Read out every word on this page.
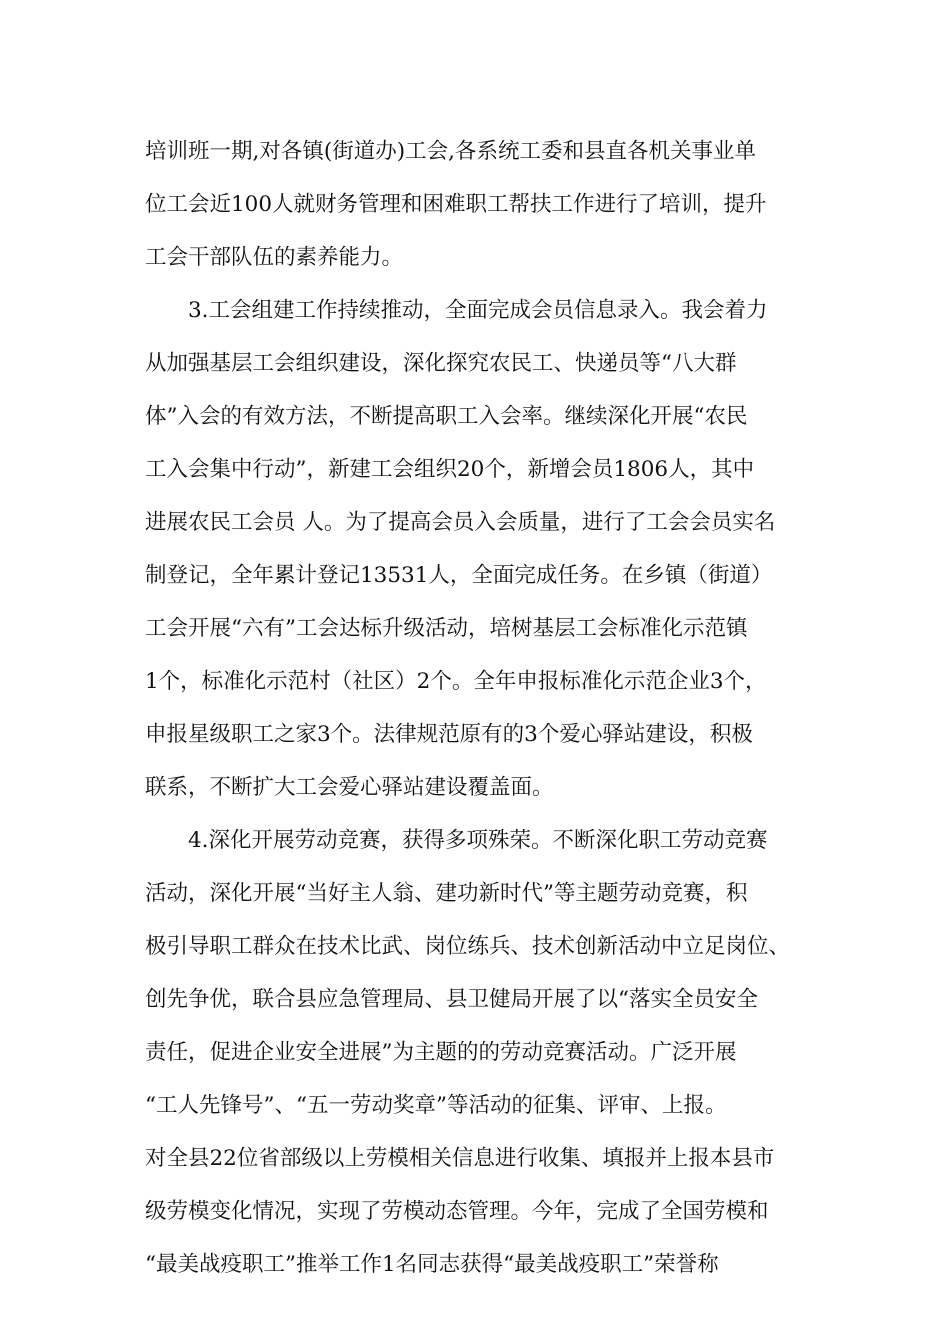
培训班一期,对各镇(街道办)工会,各系统工委和县直各机关事业单

位工会近100人就财务管理和困难职工帮扶工作进行了培训，提升

工会干部队伍的素养能力。

　　3.工会组建工作持续推动，全面完成会员信息录入。我会着力

从加强基层工会组织建设，深化探究农民工、快递员等“八大群

体”入会的有效方法，不断提高职工入会率。继续深化开展“农民

工入会集中行动”，新建工会组织20个，新增会员1806人，其中

进展农民工会员 人。为了提高会员入会质量，进行了工会会员实名

制登记，全年累计登记13531人，全面完成任务。在乡镇（街道）

工会开展“六有”工会达标升级活动，培树基层工会标准化示范镇

1个，标准化示范村（社区）2个。全年申报标准化示范企业3个，

申报星级职工之家3个。法律规范原有的3个爱心驿站建设，积极

联系，不断扩大工会爱心驿站建设覆盖面。

　　4.深化开展劳动竞赛，获得多项殊荣。不断深化职工劳动竞赛

活动，深化开展“当好主人翁、建功新时代”等主题劳动竞赛，积

极引导职工群众在技术比武、岗位练兵、技术创新活动中立足岗位、

创先争优，联合县应急管理局、县卫健局开展了以“落实全员安全

责任，促进企业安全进展”为主题的的劳动竞赛活动。广泛开展

“工人先锋号”、“五一劳动奖章”等活动的征集、评审、上报。

对全县22位省部级以上劳模相关信息进行收集、填报并上报本县市

级劳模变化情况，实现了劳模动态管理。今年，完成了全国劳模和

“最美战疫职工”推举工作1名同志获得“最美战疫职工”荣誉称
